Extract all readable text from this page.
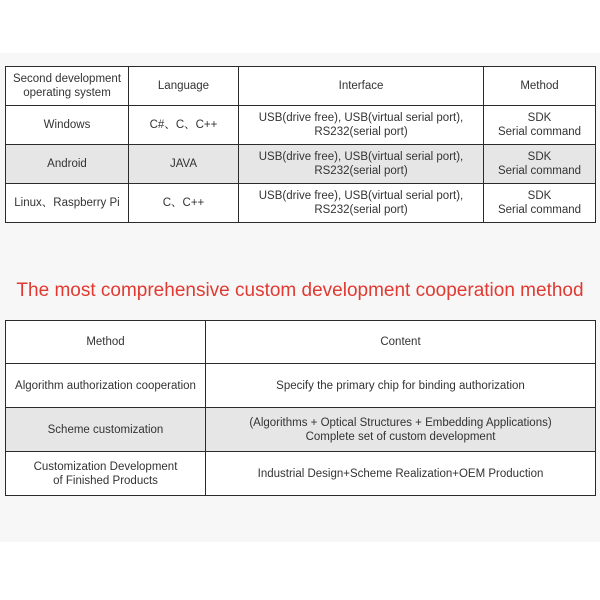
Second development
operating system	Language	Interface	Method

Windows	C#、C、C++	USB(drive free), USB(virtual serial port),
RS232(serial port)	SDK
Serial command

Android	JAVA	USB(drive free), USB(virtual serial port),
RS232(serial port)	SDK
Serial command

Linux、Raspberry Pi	C、C++	USB(drive free), USB(virtual serial port),
RS232(serial port)	SDK
Serial command
The most comprehensive custom development cooperation method
Method	Content

Algorithm authorization cooperation	Specify the primary chip for binding authorization

Scheme customization	(Algorithms + Optical Structures + Embedding Applications)
Complete set of custom development

Customization Development
of Finished Products	Industrial Design+Scheme Realization+OEM Production
